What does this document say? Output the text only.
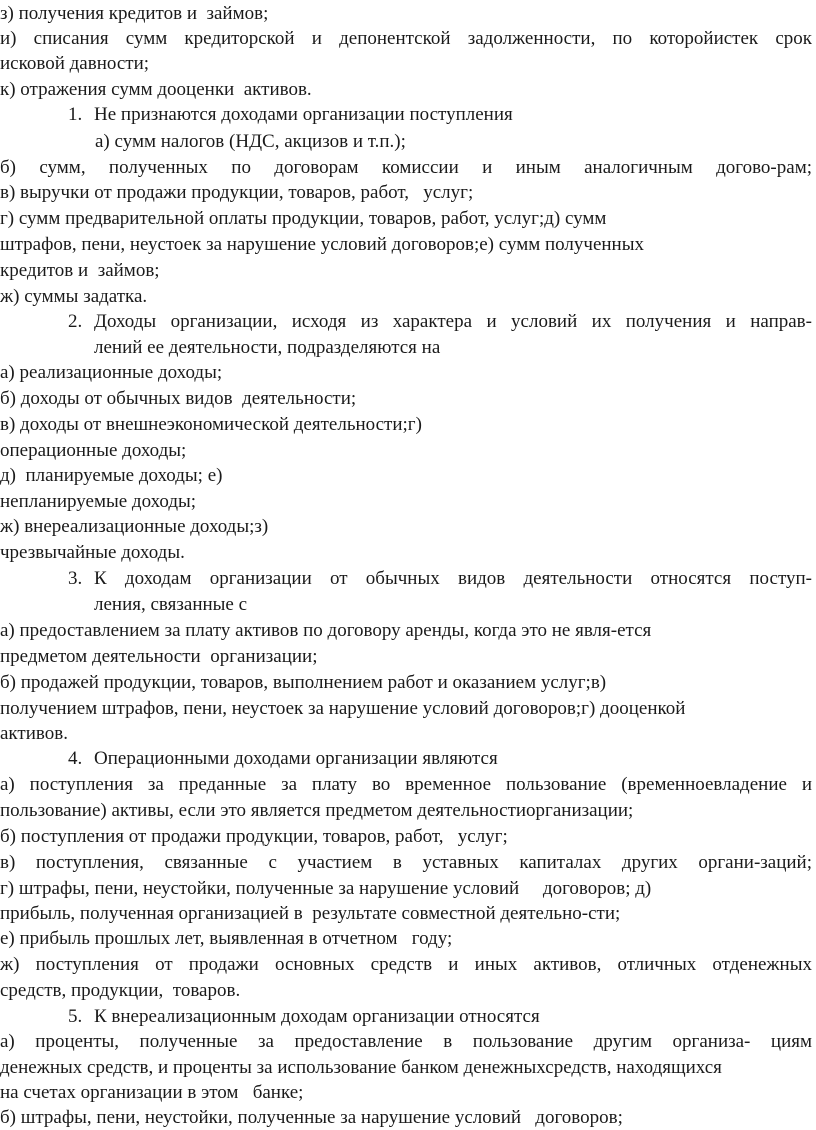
з) получения кредитов и  займов;

и) списания сумм кредиторской и депонентской задолженности, по которойистек срок

исковой давности;

к) отражения сумм дооценки  активов.

1. Не признаются доходами организации поступления

а) сумм налогов (НДС, акцизов и т.п.);

б) сумм, полученных по договорам комиссии и иным аналогичным догово-рам;

в) выручки от продажи продукции, товаров, работ,   услуг;

г) сумм предварительной оплаты продукции, товаров, работ, услуг;д) сумм

штрафов, пени, неустоек за нарушение условий договоров;е) сумм полученных

кредитов и  займов;

ж) суммы задатка.

2. Доходы организации, исходя из характера и условий их получения и направ-

лений ее деятельности, подразделяются на

а) реализационные доходы;

б) доходы от обычных видов  деятельности;

в) доходы от внешнеэкономической деятельности;г)

операционные доходы;

д)  планируемые доходы; е)

непланируемые доходы;

ж) внереализационные доходы;з)

чрезвычайные доходы.

3. К доходам организации от обычных видов деятельности относятся поступ-

ления, связанные с

а) предоставлением за плату активов по договору аренды, когда это не явля-ется

предметом деятельности  организации;

б) продажей продукции, товаров, выполнением работ и оказанием услуг;в)

получением штрафов, пени, неустоек за нарушение условий договоров;г) дооценкой

активов.

4. Операционными доходами организации являются

а) поступления за преданные за плату во временное пользование (временноевладение и

пользование) активы, если это является предметом деятельностиорганизации;

б) поступления от продажи продукции, товаров, работ,   услуг;

в) поступления, связанные с участием в уставных капиталах других органи-заций;

г) штрафы, пени, неустойки, полученные за нарушение условий     договоров; д)

прибыль, полученная организацией в  результате совместной деятельно-сти;

е) прибыль прошлых лет, выявленная в отчетном   году;

ж) поступления от продажи основных средств и иных активов, отличных отденежных

средств, продукции,  товаров.

5. К внереализационным доходам организации относятся

а) проценты, полученные за предоставление в пользование другим организа- циям

денежных средств, и проценты за использование банком денежныхсредств, находящихся

на счетах организации в этом   банке;

б) штрафы, пени, неустойки, полученные за нарушение условий   договоров;
